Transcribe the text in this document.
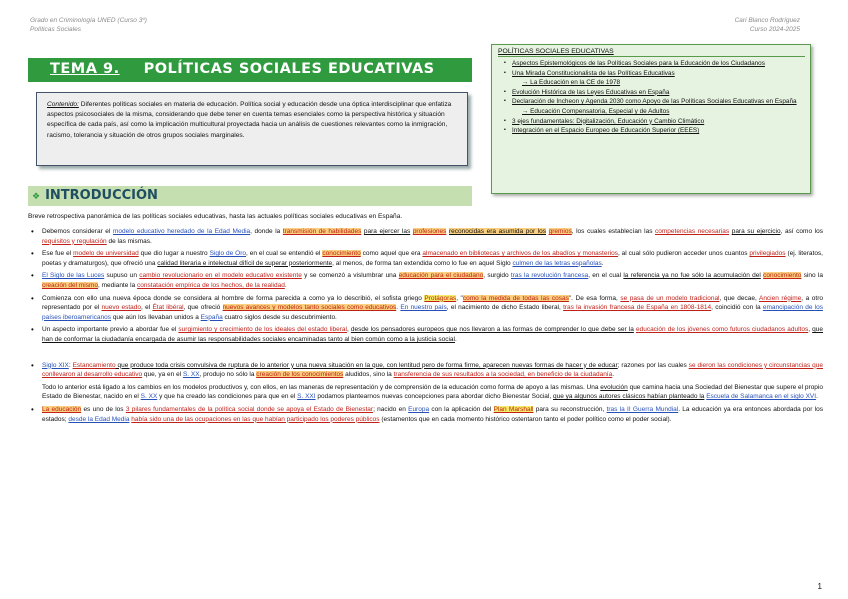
Grado en Criminología UNED (Curso 3º)
Políticas Sociales
Cari Blanco Rodríguez
Curso 2024-2025
TEMA 9. POLÍTICAS SOCIALES EDUCATIVAS

Contenido: Diferentes políticas sociales en materia de educación. Política social y educación desde una óptica interdisciplinar que enfatiza aspectos psicosociales de la misma, considerando que debe tener en cuenta temas esenciales como la perspectiva histórica y situación específica de cada país, así como la implicación multicultural proyectada hacia un análisis de cuestiones relevantes como la inmigración, racismo, tolerancia y situación de otros grupos sociales marginales.

POLÍTICAS SOCIALES EDUCATIVAS
▪ Aspectos Epistemológicos de las Políticas Sociales para la Educación de los Ciudadanos
▪ Una Mirada Constitucionalista de las Políticas Educativas
→ La Educación en la CE de 1978
▪ Evolución Histórica de las Leyes Educativas en España
▪ Declaración de Incheon y Agenda 2030 como Apoyo de las Políticas Sociales Educativas en España
→ Educación Compensatoria, Especial y de Adultos
▪ 3 ejes fundamentales: Digitalización, Educación y Cambio Climático
▪ Integración en el Espacio Europeo de Educación Superior (EEES)
❖ INTRODUCCIÓN
Breve retrospectiva panorámica de las políticas sociales educativas, hasta las actuales políticas sociales educativas en España.
• Debemos considerar el modelo educativo heredado de la Edad Media, donde la transmisión de habilidades para ejercer las profesiones reconocidas era asumida por los gremios, los cuales establecían las competencias necesarias para su ejercicio, así como los requisitos y regulación de las mismas.
• Ese fue el modelo de universidad que dio lugar a nuestro Siglo de Oro, en el cual se entendió el conocimiento como aquel que era almacenado en bibliotecas y archivos de los abadíos y monasterios, al cual sólo pudieron acceder unos cuantos privilegiados (ej. literatos, poetas y dramaturgos), que ofreció una calidad literaria e intelectual difícil de superar posteriormente, al menos, de forma tan extendida como lo fue en aquel Siglo culmen de las letras españolas.
• El Siglo de las Luces supuso un cambio revolucionario en el modelo educativo existente y se comenzó a vislumbrar una educación para el ciudadano, surgido tras la revolución francesa, en el cual la referencia ya no fue sólo la acumulación del conocimiento sino la creación del mismo, mediante la constatación empírica de los hechos, de la realidad.
• Comienza con ello una nueva época donde se considera al hombre de forma parecida a como ya lo describió, el sofista griego Protágoras, "como la medida de todas las cosas". De esa forma, se pasa de un modelo tradicional, que decae, Ancien régime, a otro representado por el nuevo estado, el État libéral, que ofreció nuevos avances y modelos tanto sociales como educativos. En nuestro país, el nacimiento de dicho Estado liberal, tras la invasión francesa de España en 1808-1814, coincidió con la emancipación de los países iberoamericanos que aún los llevaban unidos a España cuatro siglos desde su descubrimiento.
• Un aspecto importante previo a abordar fue el surgimiento y crecimiento de los ideales del estado liberal, desde los pensadores europeos que nos llevaron a las formas de comprender lo que debe ser la educación de los jóvenes como futuros ciudadanos adultos, que han de conformar la ciudadanía encargada de asumir las responsabilidades sociales encaminadas tanto al bien común como a la justicia social.
• Siglo XIX: Estancamiento que produce toda crisis convulsiva de ruptura de lo anterior y una nueva situación en la que, con lentitud pero de forma firme, aparecen nuevas formas de hacer y de educar; razones por las cuales se dieron las condiciones y circunstancias que conllevaron al desarrollo educativo que, ya en el S. XX, produjo no sólo la creación de los conocimientos aludidos, sino la transferencia de sus resultados a la sociedad, en beneficio de la ciudadanía.

Todo lo anterior está ligado a los cambios en los modelos productivos y, con ellos, en las maneras de representación y de comprensión de la educación como forma de apoyo a las mismas. Una evolución que camina hacia una Sociedad del Bienestar que supere el propio Estado de Bienestar, nacido en el S. XX y que ha creado las condiciones para que en el S. XXI podamos plantearnos nuevas concepciones para abordar dicho Bienestar Social, que ya algunos autores clásicos habían planteado la Escuela de Salamanca en el siglo XVI.

• La educación es uno de los 3 pilares fundamentales de la política social donde se apoya el Estado de Bienestar; nacido en Europa con la aplicación del Plan Marshall para su reconstrucción, tras la II Guerra Mundial. La educación ya era entonces abordada por los estados; desde la Edad Media había sido una de las ocupaciones en las que habían participado los poderes públicos (estamentos que en cada momento histórico ostentaron tanto el poder político como el poder social).
1
